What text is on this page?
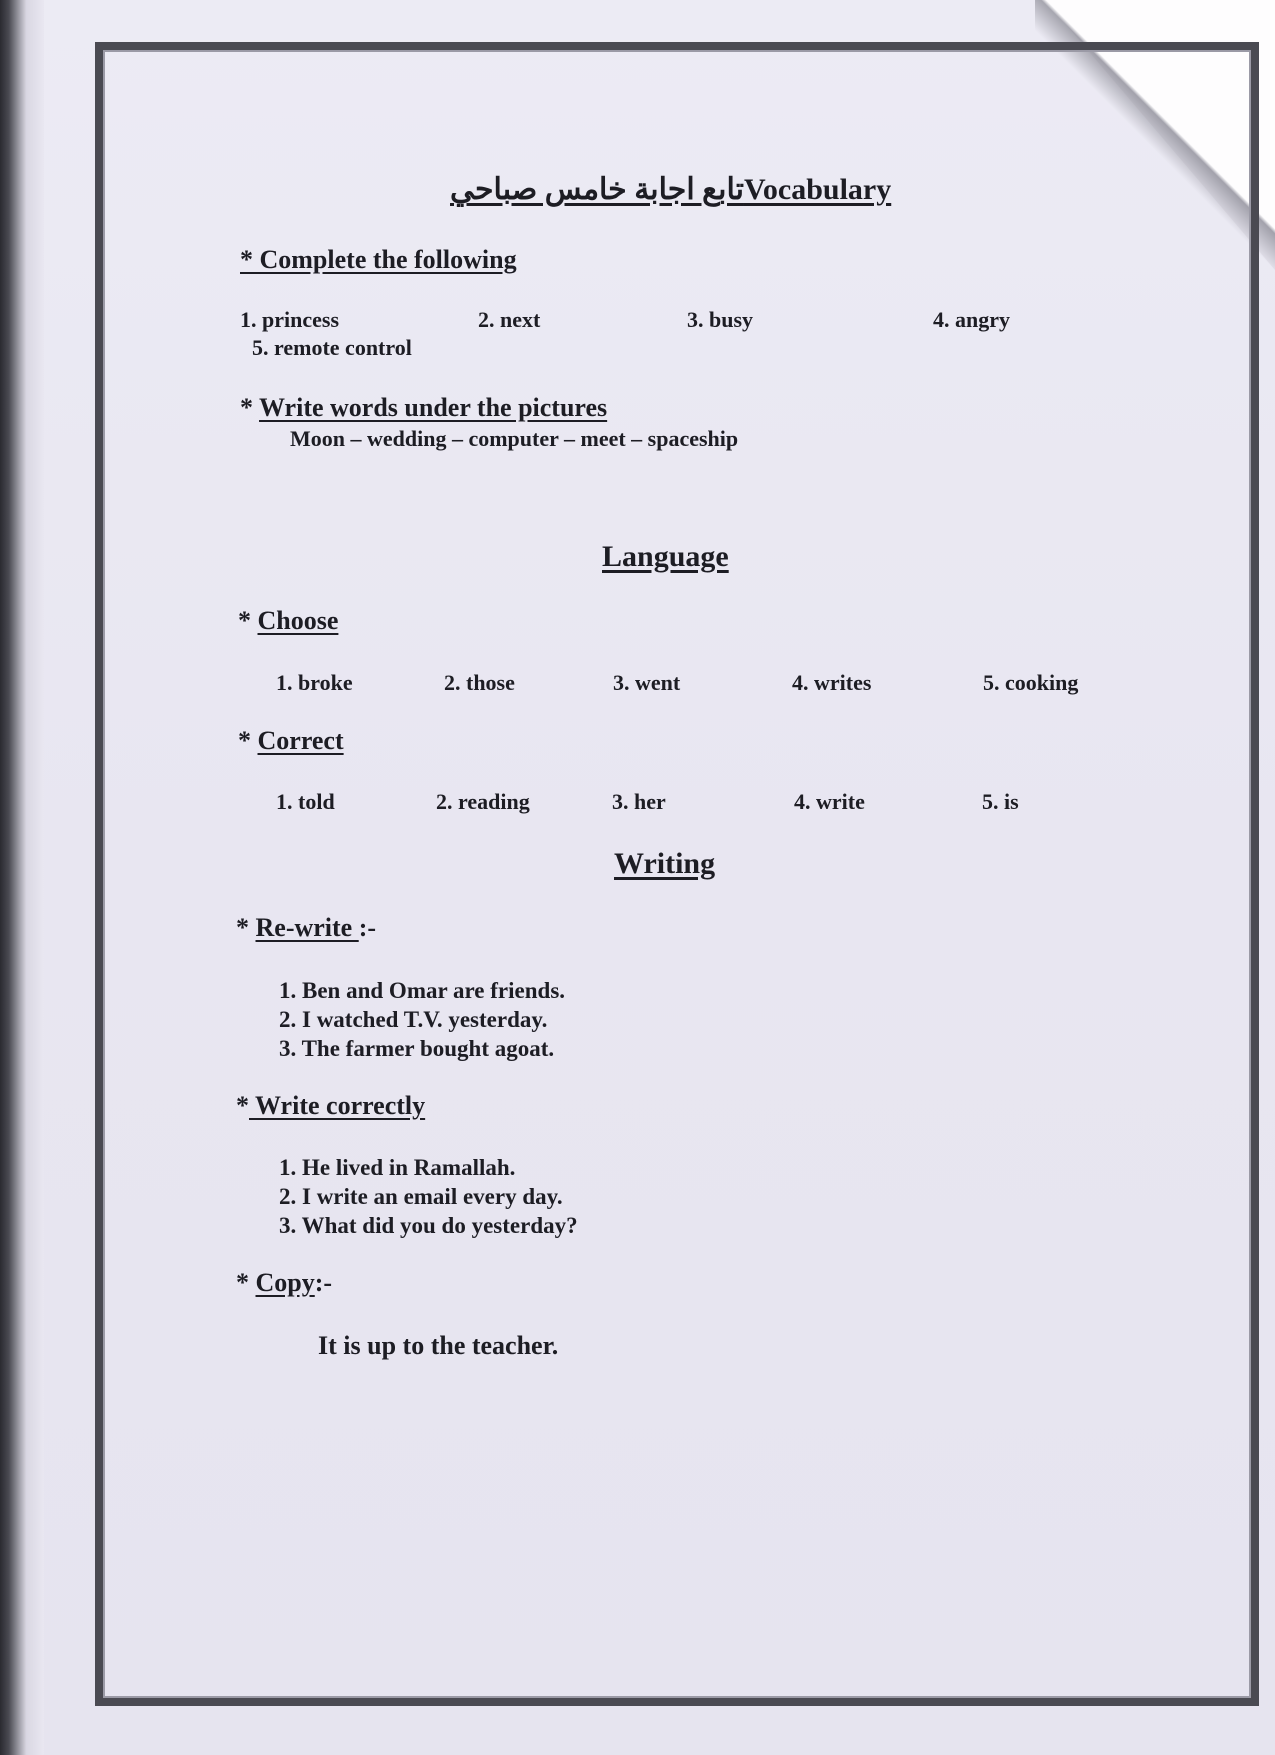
تابع اجابة خامس صباحيVocabulary
* Complete the following
1. princess	2. next	3. busy	4. angry
5. remote control
* Write words under the pictures
Moon – wedding – computer – meet – spaceship
Language
* Choose
1. broke	2. those	3. went	4. writes	5. cooking
* Correct
1. told	2. reading	3. her	4. write	5. is
Writing
* Re-write :-
1. Ben and Omar are friends.
2. I watched T.V. yesterday.
3. The farmer bought agoat.
* Write correctly
1. He lived in Ramallah.
2. I write an email every day.
3. What did you do yesterday?
* Copy:-
It is up to the teacher.
